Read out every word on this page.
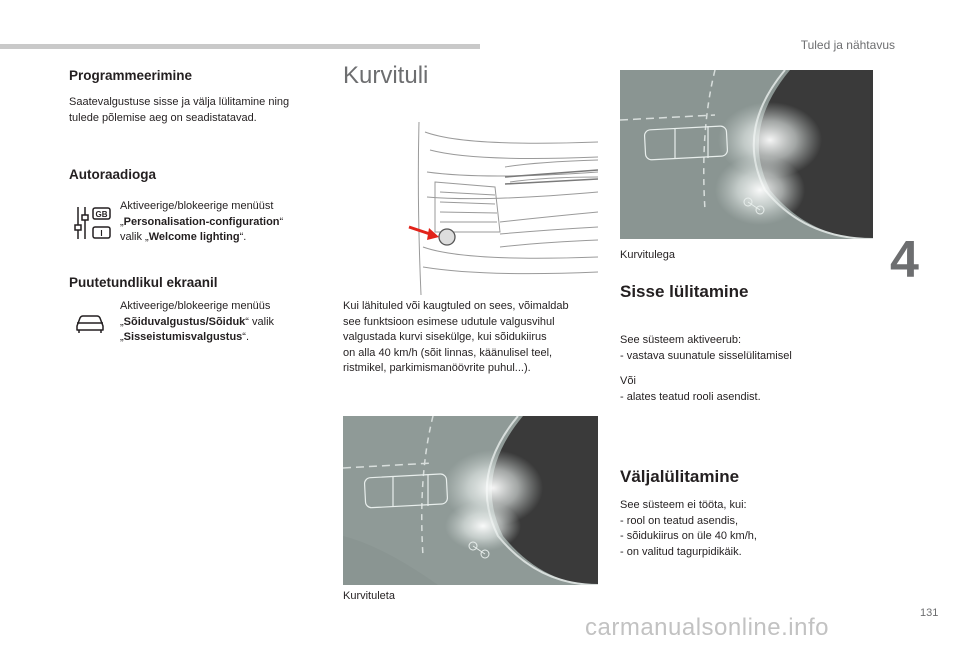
Tuled ja nähtavus
4
131
Programmeerimine

Saatevalgustuse sisse ja välja lülitamine ning tulede põlemise aeg on seadistatavad.

Autoraadioga
GB
I

Aktiveerige/blokeerige menüüst

„Personalisation-configuration“

valik „Welcome lighting“.

Puutetundlikul ekraanil

Aktiveerige/blokeerige menüüs

„Sõiduvalgustus/Sõiduk“ valik

„Sisseistumisvalgustus“.

Kurvituli

Kui lähituled või kaugtuled on sees, võimaldab

see funktsioon esimese udutule valgusvihul

valgustada kurvi sisekülge, kui sõidukiirus

on alla 40 km/h (sõit linnas, käänulisel teel,

ristmikel, parkimismanöövrite puhul...).

Kurvituleta
Kurvitulega
Sisse lülitamine

See süsteem aktiveerub:

- vastava suunatule sisselülitamisel

Või

- alates teatud rooli asendist.

Väljalülitamine

See süsteem ei tööta, kui:

- rool on teatud asendis,

- sõidukiirus on üle 40 km/h,

- on valitud tagurpidikäik.

carmanualsonline.info
